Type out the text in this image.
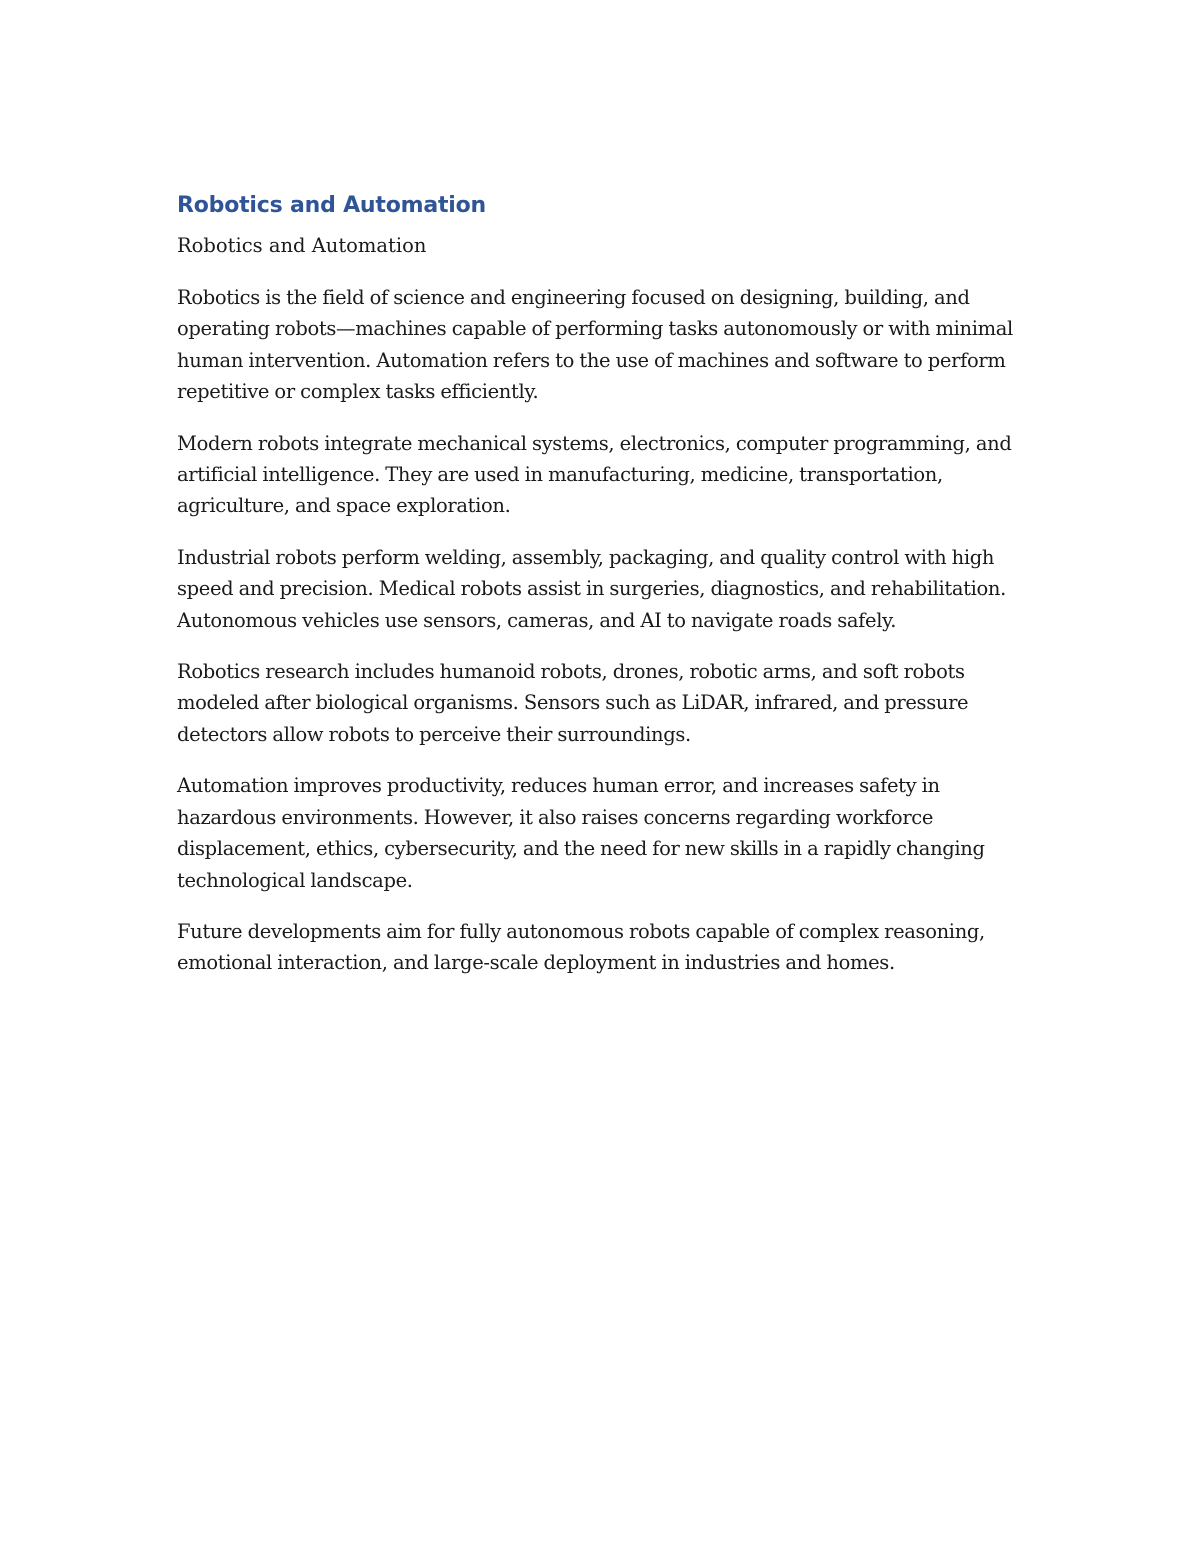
Robotics and Automation

Robotics and Automation

Robotics is the field of science and engineering focused on designing, building, and operating robots—machines capable of performing tasks autonomously or with minimal human intervention. Automation refers to the use of machines and software to perform repetitive or complex tasks efficiently.

Modern robots integrate mechanical systems, electronics, computer programming, and artificial intelligence. They are used in manufacturing, medicine, transportation, agriculture, and space exploration.

Industrial robots perform welding, assembly, packaging, and quality control with high speed and precision. Medical robots assist in surgeries, diagnostics, and rehabilitation. Autonomous vehicles use sensors, cameras, and AI to navigate roads safely.

Robotics research includes humanoid robots, drones, robotic arms, and soft robots modeled after biological organisms. Sensors such as LiDAR, infrared, and pressure detectors allow robots to perceive their surroundings.

Automation improves productivity, reduces human error, and increases safety in hazardous environments. However, it also raises concerns regarding workforce displacement, ethics, cybersecurity, and the need for new skills in a rapidly changing technological landscape.

Future developments aim for fully autonomous robots capable of complex reasoning, emotional interaction, and large-scale deployment in industries and homes.
